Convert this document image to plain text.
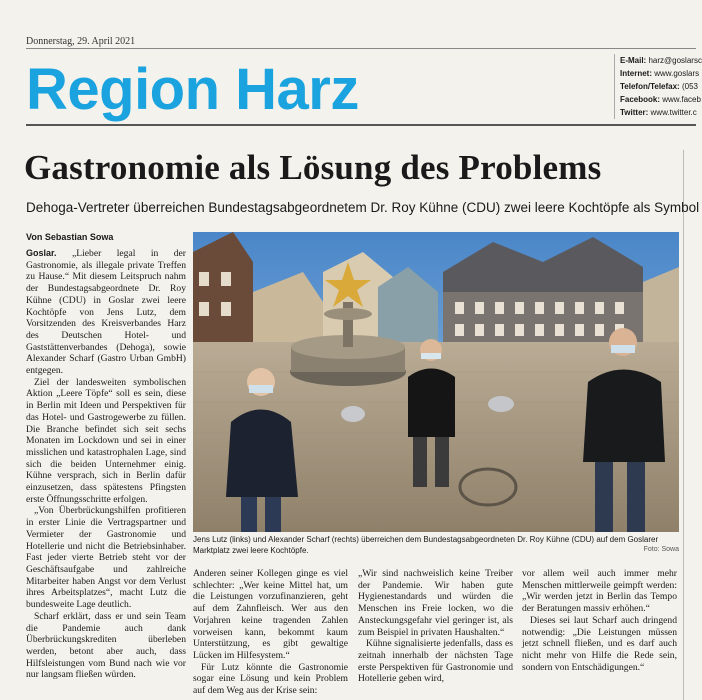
Donnerstag, 29. April 2021
Region Harz	E-Mail: harz@goslarsc
Internet: www.goslars
Telefon/Telefax: (053
Facebook: www.faceb
Twitter: www.twitter.c
Gastronomie als Lösung des Problems
Dehoga-Vertreter überreichen Bundestagsabgeordnetem Dr. Roy Kühne (CDU) zwei leere Kochtöpfe als Symbol
Von Sebastian Sowa

Goslar. „Lieber legal in der Gastronomie, als illegale private Treffen zu Hause.“ Mit diesem Leitspruch nahm der Bundestagsabgeordnete Dr. Roy Kühne (CDU) in Goslar zwei leere Kochtöpfe von Jens Lutz, dem Vorsitzenden des Kreisverbandes Harz des Deutschen Hotel- und Gaststättenverbandes (Dehoga), sowie Alexander Scharf (Gastro Urban GmbH) entgegen.

Ziel der landesweiten symbolischen Aktion „Leere Töpfe“ soll es sein, diese in Berlin mit Ideen und Perspektiven für das Hotel- und Gastrogewerbe zu füllen. Die Branche befindet sich seit sechs Monaten im Lockdown und sei in einer misslichen und katastrophalen Lage, sind sich die beiden Unternehmer einig. Kühne versprach, sich in Berlin dafür einzusetzen, dass spätestens Pfingsten erste Öffnungsschritte erfolgen.

„Von Überbrückungshilfen profitieren in erster Linie die Vertragspartner und Vermieter der Gastronomie und Hotellerie und nicht die Betriebsinhaber. Fast jeder vierte Betrieb steht vor der Geschäftsaufgabe und zahlreiche Mitarbeiter haben Angst vor dem Verlust ihres Arbeitsplatzes“, macht Lutz die bundesweite Lage deutlich.

Scharf erklärt, dass er und sein Team die Pandemie auch dank Überbrückungskrediten überleben werden, betont aber auch, dass Hilfsleistungen vom Bund nach wie vor nur langsam fließen würden.

Jens Lutz (links) und Alexander Scharf (rechts) überreichen dem Bundestagsabgeordneten Dr. Roy Kühne (CDU) auf dem Goslarer Marktplatz zwei leere Kochtöpfe.	Foto: Sowa

Anderen seiner Kollegen ginge es viel schlechter: „Wer keine Mittel hat, um die Leistungen vorzufinanzieren, geht auf dem Zahnfleisch. Wer aus den Vorjahren keine tragenden Zahlen vorweisen kann, bekommt kaum Unterstützung, es gibt gewaltige Lücken im Hilfesystem.“

Für Lutz könnte die Gastronomie sogar eine Lösung und kein Problem auf dem Weg aus der Krise sein:

„Wir sind nachweislich keine Treiber der Pandemie. Wir haben gute Hygienestandards und würden die Menschen ins Freie locken, wo die Ansteckungsgefahr viel geringer ist, als zum Beispiel in privaten Haushalten.“

Kühne signalisierte jedenfalls, dass es zeitnah innerhalb der nächsten Tage erste Perspektiven für Gastronomie und Hotellerie geben wird,

vor allem weil auch immer mehr Menschen mittlerweile geimpft werden: „Wir werden jetzt in Berlin das Tempo der Beratungen massiv erhöhen.“

Dieses sei laut Scharf auch dringend notwendig: „Die Leistungen müssen jetzt schnell fließen, und es darf auch nicht mehr von Hilfe die Rede sein, sondern von Entschädigungen.“
